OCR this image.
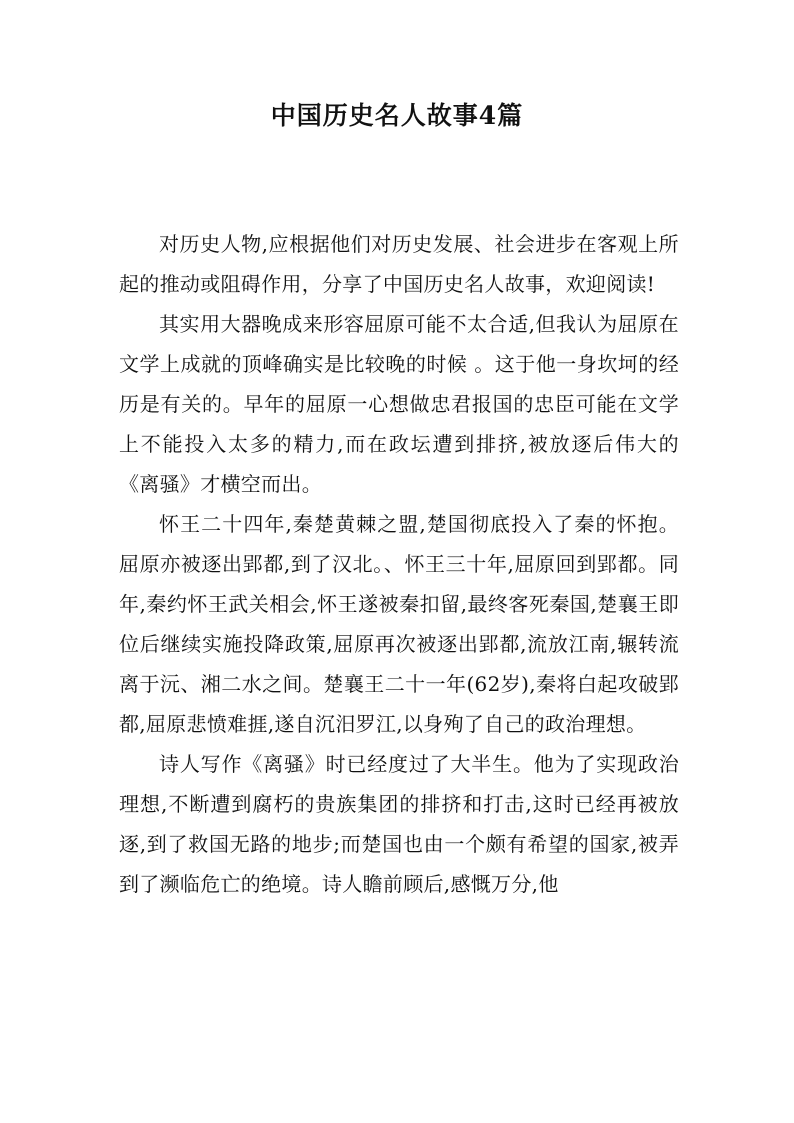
中国历史名人故事4篇

对历史人物,应根据他们对历史发展、社会进步在客观上所起的推动或阻碍作用，分享了中国历史名人故事，欢迎阅读!

其实用大器晚成来形容屈原可能不太合适,但我认为屈原在文学上成就的顶峰确实是比较晚的时候 。这于他一身坎坷的经历是有关的。早年的屈原一心想做忠君报国的忠臣可能在文学上不能投入太多的精力,而在政坛遭到排挤,被放逐后伟大的《离骚》才横空而出。

怀王二十四年,秦楚黄棘之盟,楚国彻底投入了秦的怀抱。屈原亦被逐出郢都,到了汉北。、怀王三十年,屈原回到郢都。同年,秦约怀王武关相会,怀王遂被秦扣留,最终客死秦国,楚襄王即位后继续实施投降政策,屈原再次被逐出郢都,流放江南,辗转流离于沅、湘二水之间。楚襄王二十一年(62岁),秦将白起攻破郢都,屈原悲愤难捱,遂自沉汨罗江,以身殉了自己的政治理想。

诗人写作《离骚》时已经度过了大半生。他为了实现政治理想,不断遭到腐朽的贵族集团的排挤和打击,这时已经再被放逐,到了救国无路的地步;而楚国也由一个颇有希望的国家,被弄到了濒临危亡的绝境。诗人瞻前顾后,感慨万分,他
